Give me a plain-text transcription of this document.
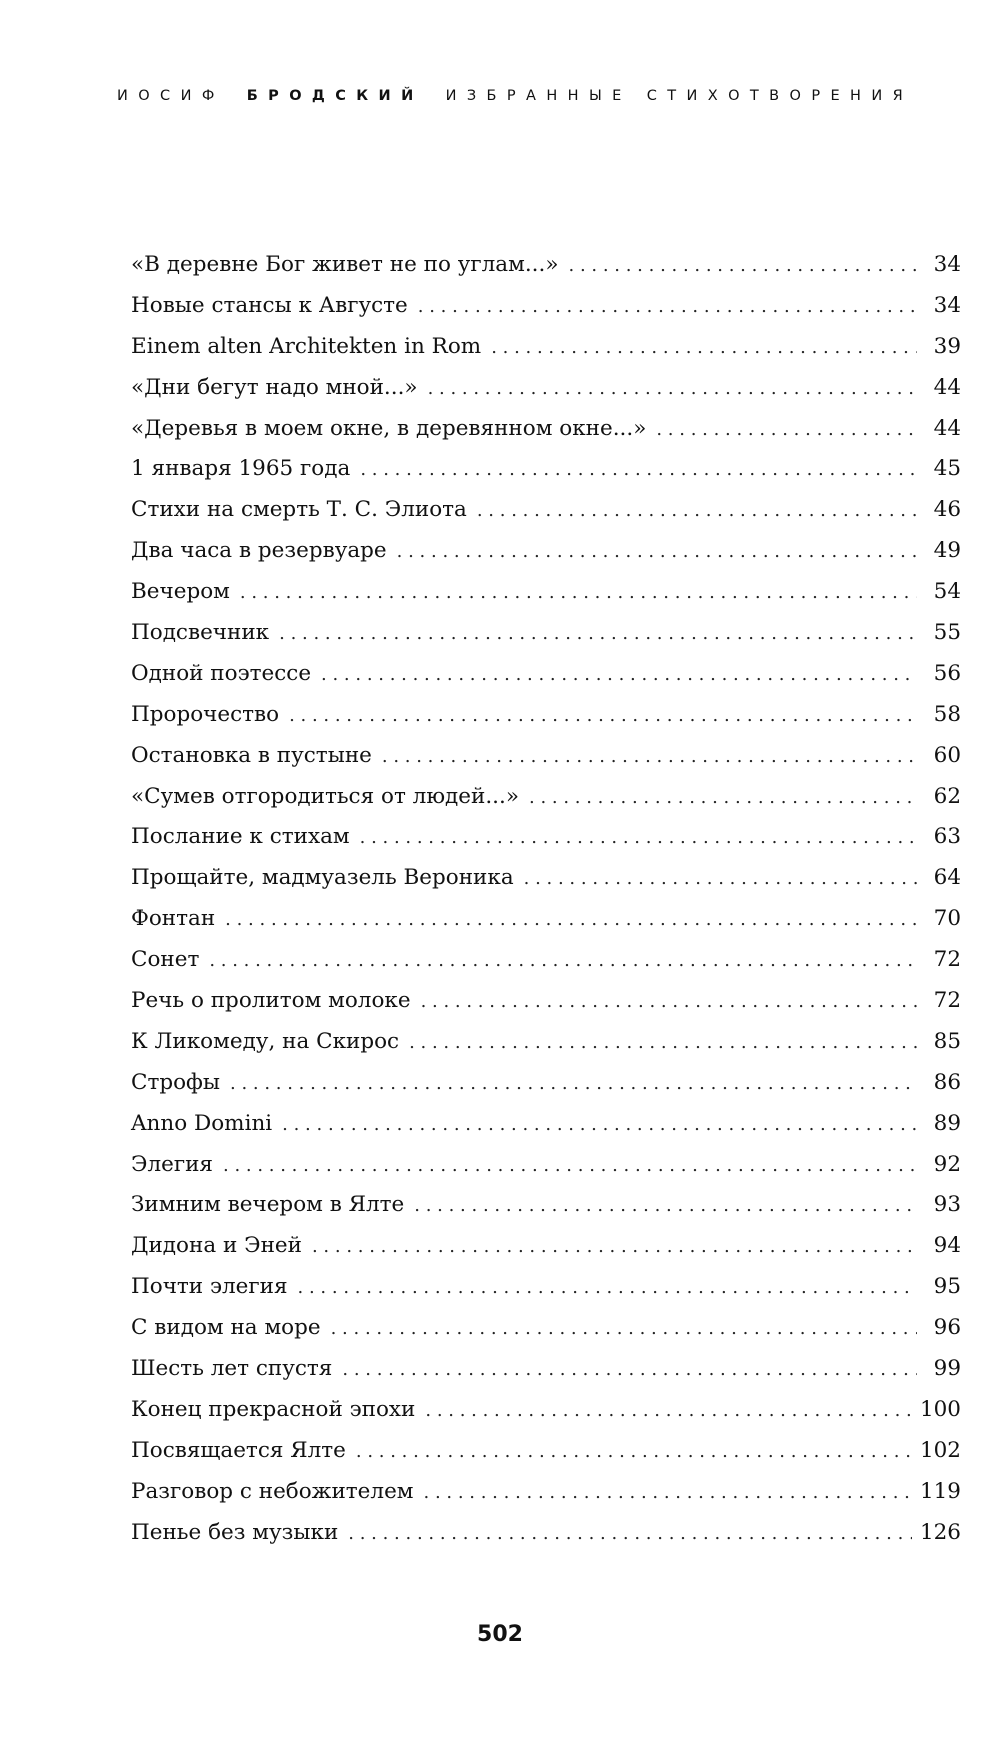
ИОСИФ БРОДСКИЙ ИЗБРАННЫЕ СТИХОТВОРЕНИЯ
«В деревне Бог живет не по углам...» . . .	34
Новые стансы к Августе . . .	34
Einem alten Architekten in Rom . . .	39
«Дни бегут надо мной...» . . .	44
«Деревья в моем окне, в деревянном окне...» . . .	44
1 января 1965 года . . .	45
Стихи на смерть Т. С. Элиота . . .	46
Два часа в резервуаре . . .	49
Вечером . . .	54
Подсвечник . . .	55
Одной поэтессе . . .	56
Пророчество . . .	58
Остановка в пустыне . . .	60
«Сумев отгородиться от людей...» . . .	62
Послание к стихам . . .	63
Прощайте, мадмуазель Вероника . . .	64
Фонтан . . .	70
Сонет . . .	72
Речь о пролитом молоке . . .	72
К Ликомеду, на Скирос . . .	85
Строфы . . .	86
Anno Domini . . .	89
Элегия . . .	92
Зимним вечером в Ялте . . .	93
Дидона и Эней . . .	94
Почти элегия . . .	95
С видом на море . . .	96
Шесть лет спустя . . .	99
Конец прекрасной эпохи . . .	100
Посвящается Ялте . . .	102
Разговор с небожителем . . .	119
Пенье без музыки . . .	126
502
